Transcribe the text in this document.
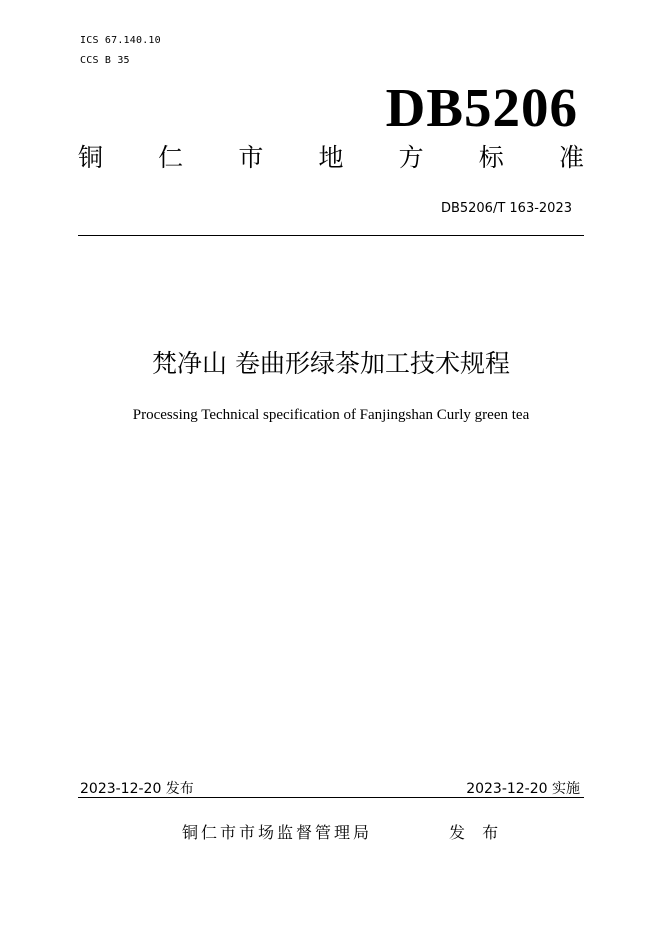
ICS 67.140.10
CCS B 35
DB5206
铜 仁 市 地 方 标 准
DB5206/T 163-2023
梵净山 卷曲形绿茶加工技术规程
Processing Technical specification of Fanjingshan Curly green tea
2023-12-20 发布	2023-12-20 实施
铜仁市市场监督管理局	发 布
